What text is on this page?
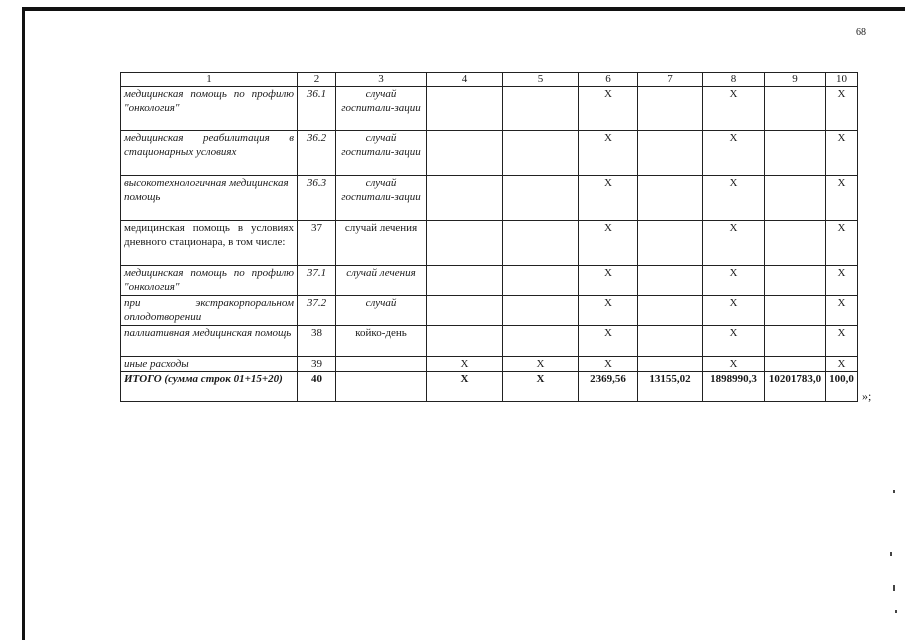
68
1	2	3	4	5	6	7	8	9	10
медицинская помощь по профилю "онкология"	36.1	случай госпитали-зации			X		X		X
медицинская реабилитация в стационарных условиях	36.2	случай госпитали-зации			X		X		X
высокотехнологичная медицинская помощь	36.3	случай госпитали-зации			X		X		X
медицинская помощь в условиях дневного стационара, в том числе:	37	случай лечения			X		X		X
медицинская помощь по профилю "онкология"	37.1	случай лечения			X		X		X
при экстракорпоральном оплодотворении	37.2	случай			X		X		X
паллиативная медицинская помощь	38	койко-день			X		X		X
иные расходы	39		X	X	X		X		X
ИТОГО (сумма строк 01+15+20)	40		X	X	2369,56	13155,02	1898990,3	10201783,0	100,0
»;
